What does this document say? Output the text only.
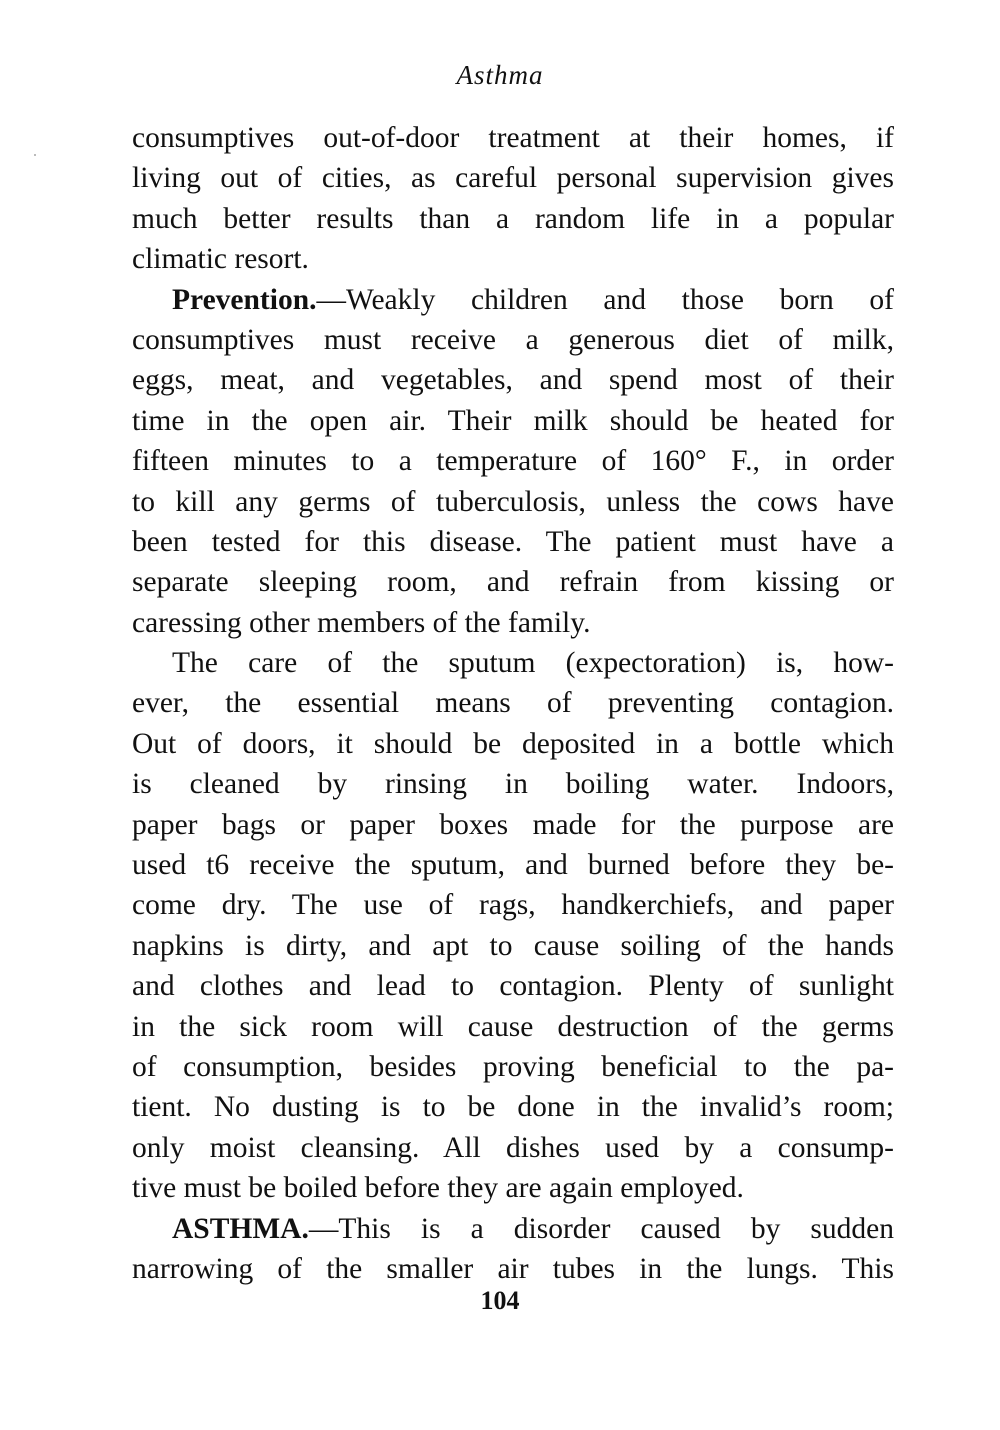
Asthma
consumptives out-of-door treatment at their homes, if
living out of cities, as careful personal supervision gives
much better results than a random life in a popular
climatic resort.
Prevention.—Weakly children and those born of
consumptives must receive a generous diet of milk,
eggs, meat, and vegetables, and spend most of their
time in the open air. Their milk should be heated for
fifteen minutes to a temperature of 160° F., in order
to kill any germs of tuberculosis, unless the cows have
been tested for this disease. The patient must have a
separate sleeping room, and refrain from kissing or
caressing other members of the family.
The care of the sputum (expectoration) is, how-
ever, the essential means of preventing contagion.
Out of doors, it should be deposited in a bottle which
is cleaned by rinsing in boiling water. Indoors,
paper bags or paper boxes made for the purpose are
used t6 receive the sputum, and burned before they be-
come dry. The use of rags, handkerchiefs, and paper
napkins is dirty, and apt to cause soiling of the hands
and clothes and lead to contagion. Plenty of sunlight
in the sick room will cause destruction of the germs
of consumption, besides proving beneficial to the pa-
tient. No dusting is to be done in the invalid’s room;
only moist cleansing. All dishes used by a consump-
tive must be boiled before they are again employed.
ASTHMA.—This is a disorder caused by sudden
narrowing of the smaller air tubes in the lungs. This
104
